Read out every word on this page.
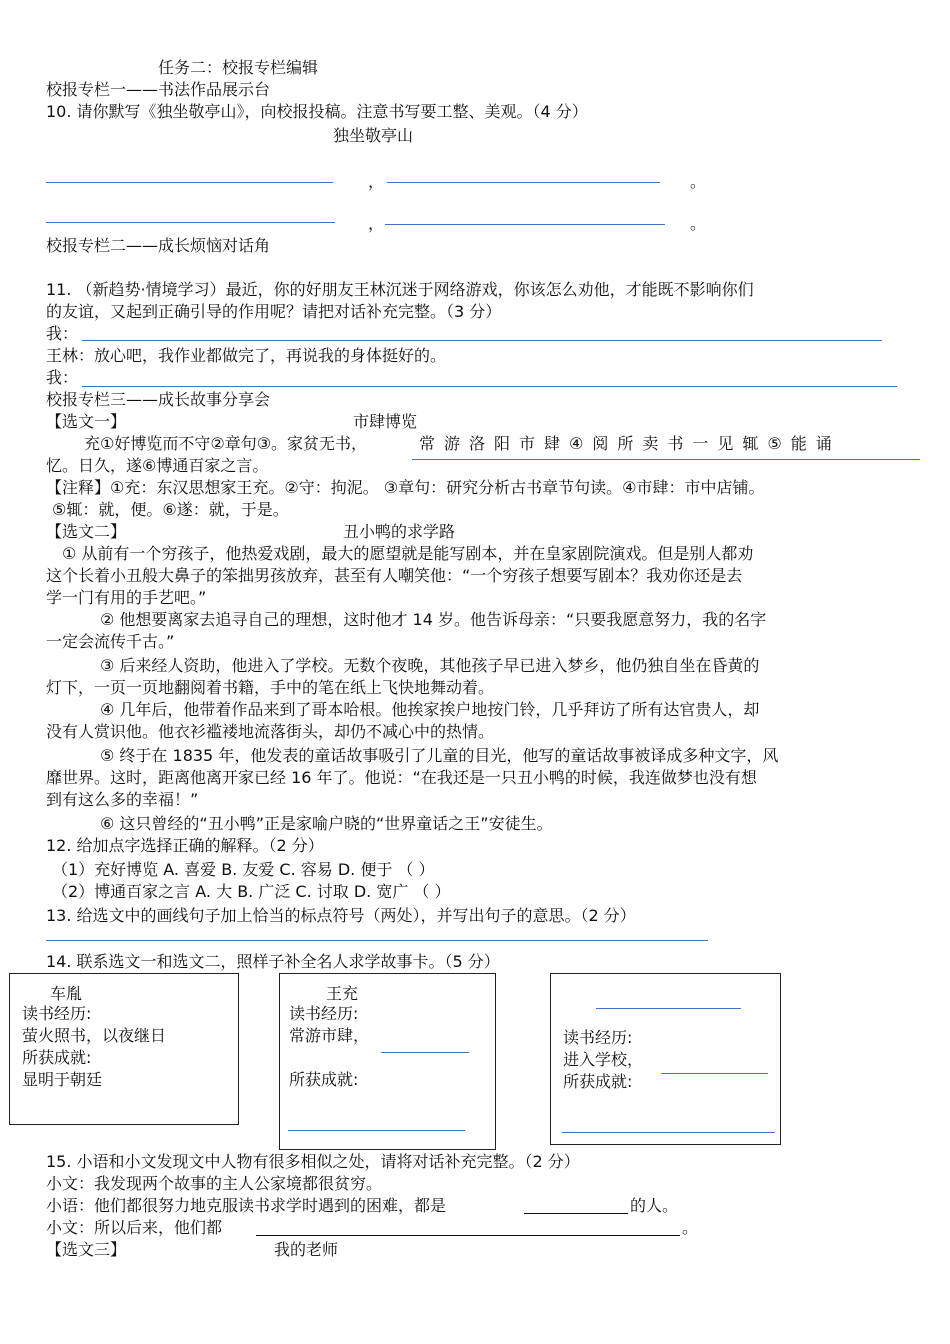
任务二：校报专栏编辑
校报专栏一——书法作品展示台
10. 请你默写《独坐敬亭山》，向校报投稿。注意书写要工整、美观。（4 分）
独坐敬亭山
，	。
，	。
校报专栏二——成长烦恼对话角
11. （新趋势·情境学习）最近，你的好朋友王林沉迷于网络游戏，你该怎么劝他，才能既不影响你们
的友谊，又起到正确引导的作用呢？请把对话补充完整。（3 分）
我：
王林：放心吧，我作业都做完了，再说我的身体挺好的。
我：
校报专栏三——成长故事分享会
【选文一】	市肆博览
充①好博览而不守②章句③。家贫无书，	常游洛阳市肆④阅所卖书一见辄⑤能诵
忆。日久，遂⑥博通百家之言。
【注释】①充：东汉思想家王充。②守：拘泥。 ③章句：研究分析古书章节句读。④市肆：市中店铺。
⑤辄：就，便。⑥遂：就，于是。
【选文二】	丑小鸭的求学路
① 从前有一个穷孩子，他热爱戏剧，最大的愿望就是能写剧本，并在皇家剧院演戏。但是别人都劝
这个长着小丑般大鼻子的笨拙男孩放弃，甚至有人嘲笑他：“一个穷孩子想要写剧本？我劝你还是去
学一门有用的手艺吧。”
② 他想要离家去追寻自己的理想，这时他才 14 岁。他告诉母亲：“只要我愿意努力，我的名字
一定会流传千古。”
③ 后来经人资助，他进入了学校。无数个夜晚，其他孩子早已进入梦乡，他仍独自坐在昏黄的
灯下，一页一页地翻阅着书籍，手中的笔在纸上飞快地舞动着。
④ 几年后，他带着作品来到了哥本哈根。他挨家挨户地按门铃，几乎拜访了所有达官贵人，却
没有人赏识他。他衣衫褴褛地流落街头，却仍不减心中的热情。
⑤ 终于在 1835 年，他发表的童话故事吸引了儿童的目光，他写的童话故事被译成多种文字，风
靡世界。这时，距离他离开家已经 16 年了。他说：“在我还是一只丑小鸭的时候，我连做梦也没有想
到有这么多的幸福！”
⑥ 这只曾经的“丑小鸭”正是家喻户晓的“世界童话之王”安徒生。
12. 给加点字选择正确的解释。（2 分）
（1）充好博览 A. 喜爱 B. 友爱 C. 容易 D. 便于 （ ）
（2）博通百家之言 A. 大 B. 广泛 C. 讨取 D. 宽广 （ ）
13. 给选文中的画线句子加上恰当的标点符号（两处），并写出句子的意思。（2 分）
14. 联系选文一和选文二，照样子补全名人求学故事卡。（5 分）
车胤
读书经历:
萤火照书，以夜继日
所获成就:
显明于朝廷
王充
读书经历:
常游市肆，
所获成就:
读书经历:
进入学校，
所获成就:
15. 小语和小文发现文中人物有很多相似之处，请将对话补充完整。（2 分）
小文：我发现两个故事的主人公家境都很贫穷。
小语：他们都很努力地克服读书求学时遇到的困难，都是	的人。
小文：所以后来，他们都	。
【选文三】	我的老师
